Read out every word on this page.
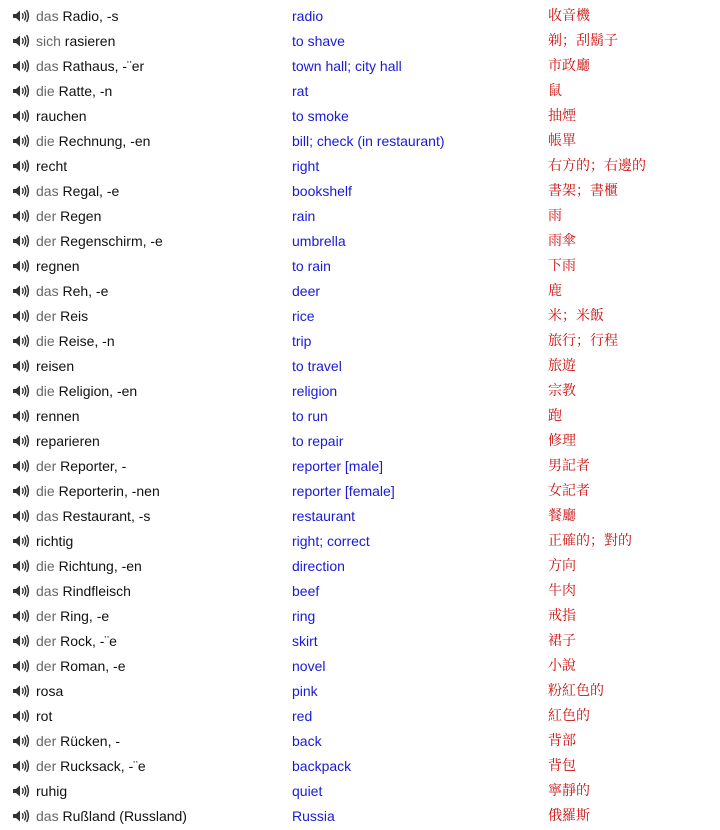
das Radio, -s	radio	收音機
sich rasieren	to shave	剃；刮鬍子
das Rathaus, -¨er	town hall; city hall	市政廳
die Ratte, -n	rat	鼠
rauchen	to smoke	抽煙
die Rechnung, -en	bill; check (in restaurant)	帳單
recht	right	右方的；右邊的
das Regal, -e	bookshelf	書架；書櫃
der Regen	rain	雨
der Regenschirm, -e	umbrella	雨傘
regnen	to rain	下雨
das Reh, -e	deer	鹿
der Reis	rice	米；米飯
die Reise, -n	trip	旅行；行程
reisen	to travel	旅遊
die Religion, -en	religion	宗教
rennen	to run	跑
reparieren	to repair	修理
der Reporter, -	reporter [male]	男記者
die Reporterin, -nen	reporter [female]	女記者
das Restaurant, -s	restaurant	餐廳
richtig	right; correct	正確的；對的
die Richtung, -en	direction	方向
das Rindfleisch	beef	牛肉
der Ring, -e	ring	戒指
der Rock, -¨e	skirt	裙子
der Roman, -e	novel	小說
rosa	pink	粉紅色的
rot	red	紅色的
der Rücken, -	back	背部
der Rucksack, -¨e	backpack	背包
ruhig	quiet	寧靜的
das Rußland (Russland)	Russia	俄羅斯
